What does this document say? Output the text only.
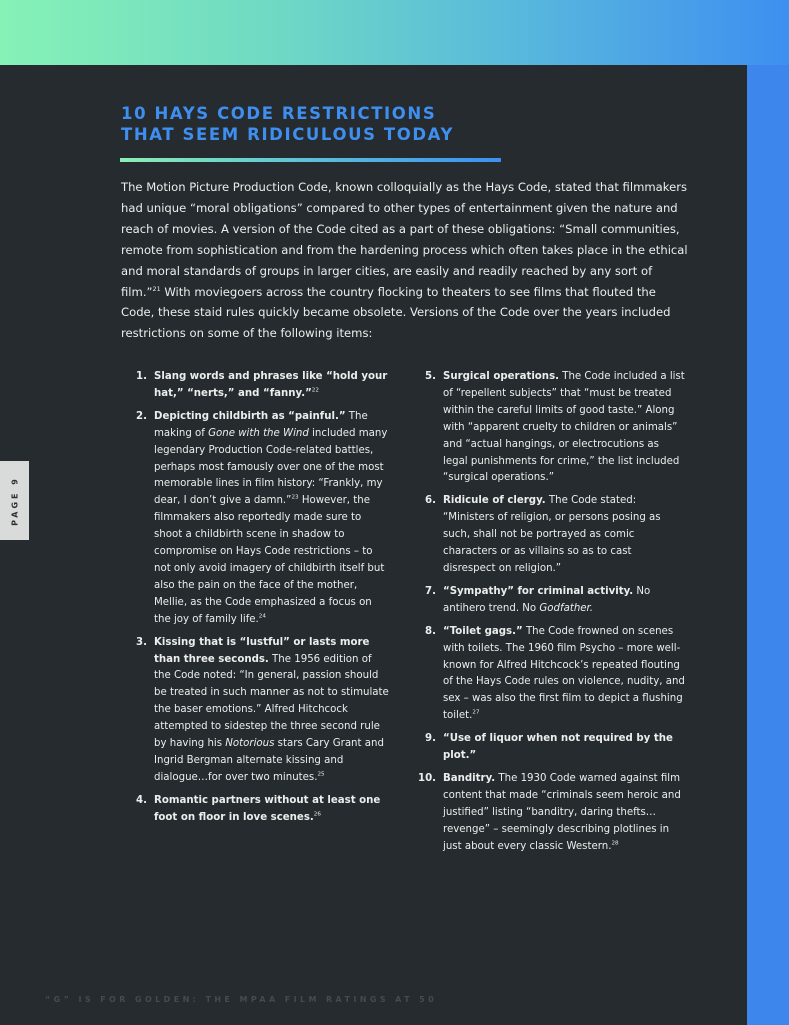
10 HAYS CODE RESTRICTIONS
THAT SEEM RIDICULOUS TODAY

The Motion Picture Production Code, known colloquially as the Hays Code, stated that filmmakers had unique “moral obligations” compared to other types of entertainment given the nature and reach of movies. A version of the Code cited as a part of these obligations: “Small communities, remote from sophistication and from the hardening process which often takes place in the ethical and moral standards of groups in larger cities, are easily and readily reached by any sort of film.”$^{21}$ With moviegoers across the country flocking to theaters to see films that flouted the Code, these staid rules quickly became obsolete. Versions of the Code over the years included restrictions on some of the following items:

1. Slang words and phrases like “hold your hat,” “nerts,” and “fanny.”$^{22}$
2. Depicting childbirth as “painful.” The making of Gone with the Wind included many legendary Production Code-related battles, perhaps most famously over one of the most memorable lines in film history: “Frankly, my dear, I don’t give a damn.”$^{23}$ However, the filmmakers also reportedly made sure to shoot a childbirth scene in shadow to compromise on Hays Code restrictions – to not only avoid imagery of childbirth itself but also the pain on the face of the mother, Mellie, as the Code emphasized a focus on the joy of family life.$^{24}$
3. Kissing that is “lustful” or lasts more than three seconds. The 1956 edition of the Code noted: “In general, passion should be treated in such manner as not to stimulate the baser emotions.” Alfred Hitchcock attempted to sidestep the three second rule by having his Notorious stars Cary Grant and Ingrid Bergman alternate kissing and dialogue…for over two minutes.$^{25}$
4. Romantic partners without at least one foot on floor in love scenes.$^{26}$
5. Surgical operations. The Code included a list of “repellent subjects” that “must be treated within the careful limits of good taste.” Along with “apparent cruelty to children or animals” and “actual hangings, or electrocutions as legal punishments for crime,” the list included “surgical operations.”
6. Ridicule of clergy. The Code stated: “Ministers of religion, or persons posing as such, shall not be portrayed as comic characters or as villains so as to cast disrespect on religion.”
7. “Sympathy” for criminal activity. No antihero trend. No Godfather.
8. “Toilet gags.” The Code frowned on scenes with toilets. The 1960 film Psycho – more well-known for Alfred Hitchcock’s repeated flouting of the Hays Code rules on violence, nudity, and sex – was also the first film to depict a flushing toilet.$^{27}$
9. “Use of liquor when not required by the plot.”
10. Banditry. The 1930 Code warned against film content that made “criminals seem heroic and justified” listing “banditry, daring thefts…revenge” – seemingly describing plotlines in just about every classic Western.$^{28}$
PAGE 9

“G” IS FOR GOLDEN: THE MPAA FILM RATINGS AT 50
